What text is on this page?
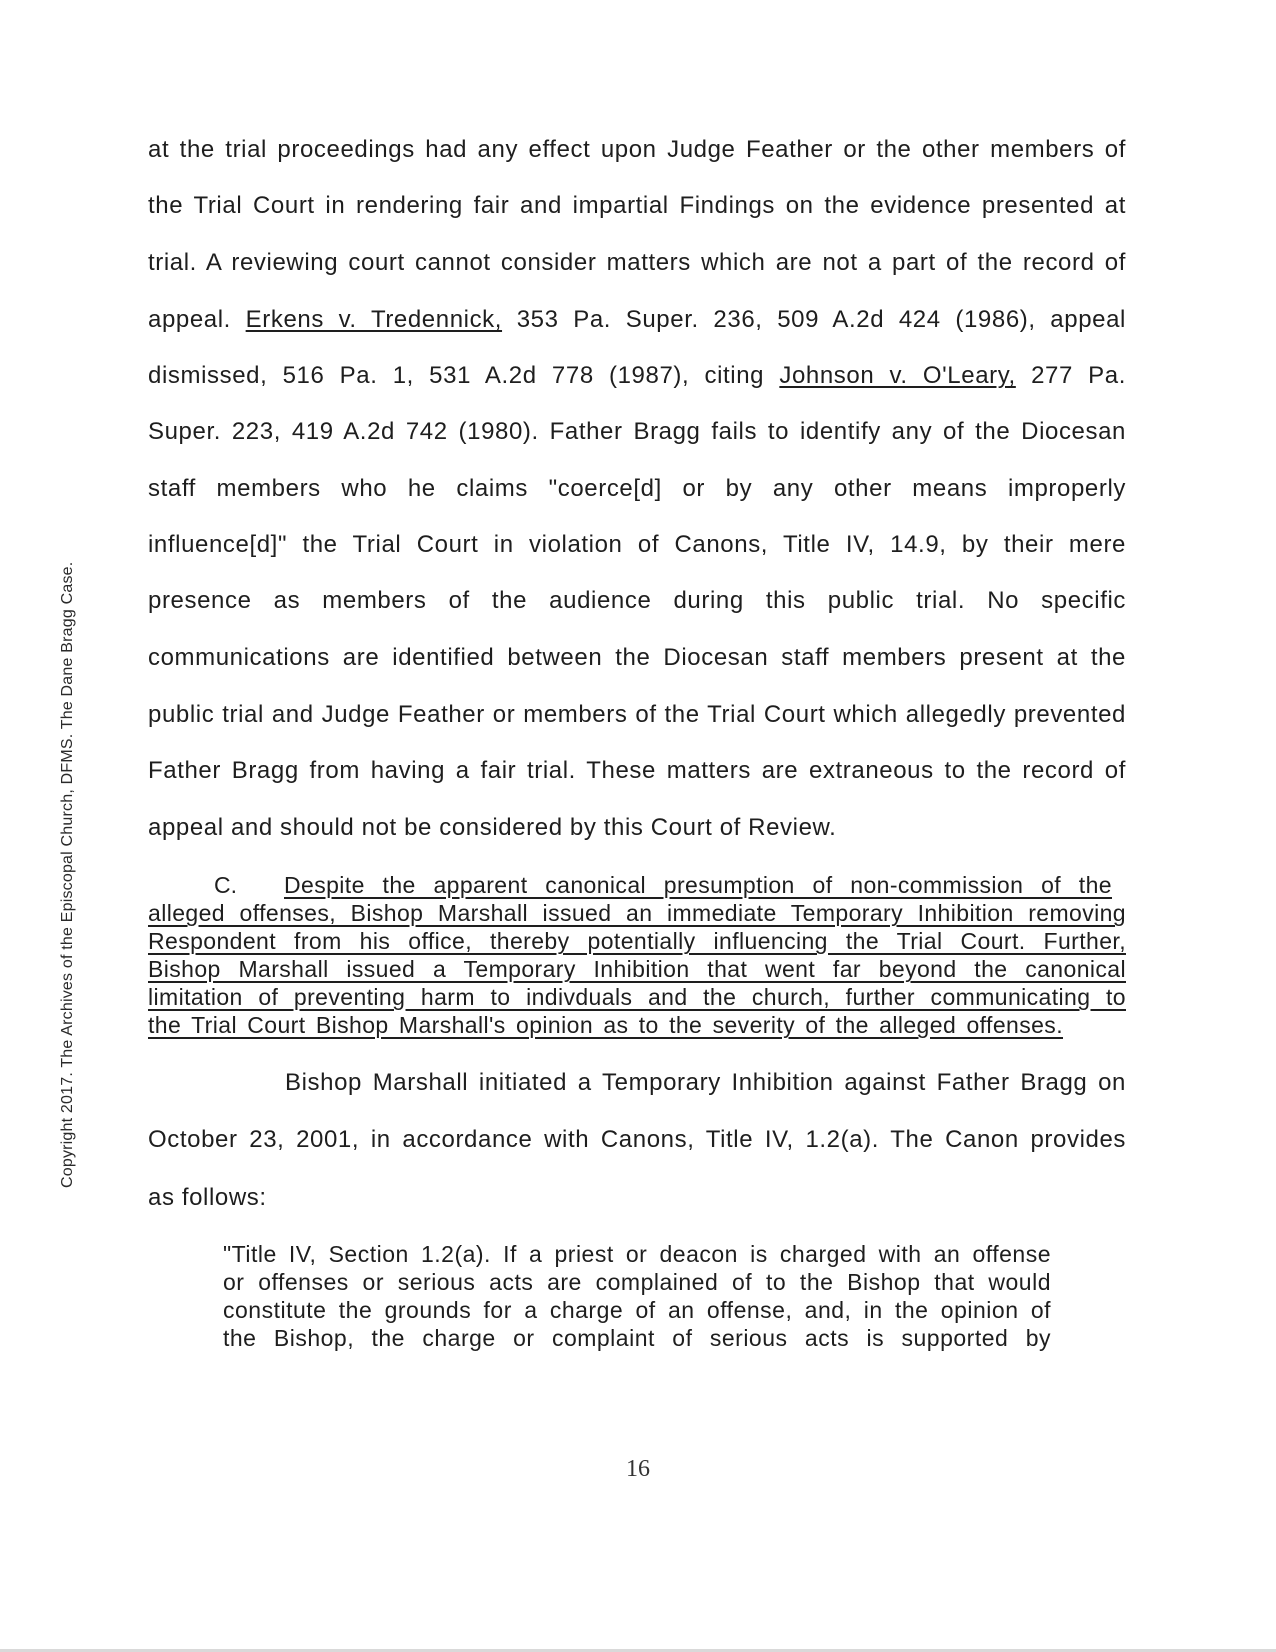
Copyright 2017. The Archives of the Episcopal Church, DFMS. The Dane Bragg Case.
at the trial proceedings had any effect upon Judge Feather or the other members of
the Trial Court in rendering fair and impartial Findings on the evidence presented at
trial. A reviewing court cannot consider matters which are not a part of the record of
appeal. Erkens v. Tredennick, 353 Pa. Super. 236, 509 A.2d 424 (1986), appeal
dismissed, 516 Pa. 1, 531 A.2d 778 (1987), citing Johnson v. O'Leary, 277 Pa.
Super. 223, 419 A.2d 742 (1980). Father Bragg fails to identify any of the Diocesan
staff members who he claims "coerce[d] or by any other means improperly
influence[d]" the Trial Court in violation of Canons, Title IV, 14.9, by their mere
presence as members of the audience during this public trial. No specific
communications are identified between the Diocesan staff members present at the
public trial and Judge Feather or members of the Trial Court which allegedly prevented
Father Bragg from having a fair trial. These matters are extraneous to the record of
appeal and should not be considered by this Court of Review.
C. Despite the apparent canonical presumption of non-commission of the
alleged offenses, Bishop Marshall issued an immediate Temporary Inhibition removing
Respondent from his office, thereby potentially influencing the Trial Court. Further,
Bishop Marshall issued a Temporary Inhibition that went far beyond the canonical
limitation of preventing harm to indivduals and the church, further communicating to
the Trial Court Bishop Marshall's opinion as to the severity of the alleged offenses.
Bishop Marshall initiated a Temporary Inhibition against Father Bragg on
October 23, 2001, in accordance with Canons, Title IV, 1.2(a). The Canon provides
as follows:
"Title IV, Section 1.2(a). If a priest or deacon is charged with an offense
or offenses or serious acts are complained of to the Bishop that would
constitute the grounds for a charge of an offense, and, in the opinion of
the Bishop, the charge or complaint of serious acts is supported by
16
